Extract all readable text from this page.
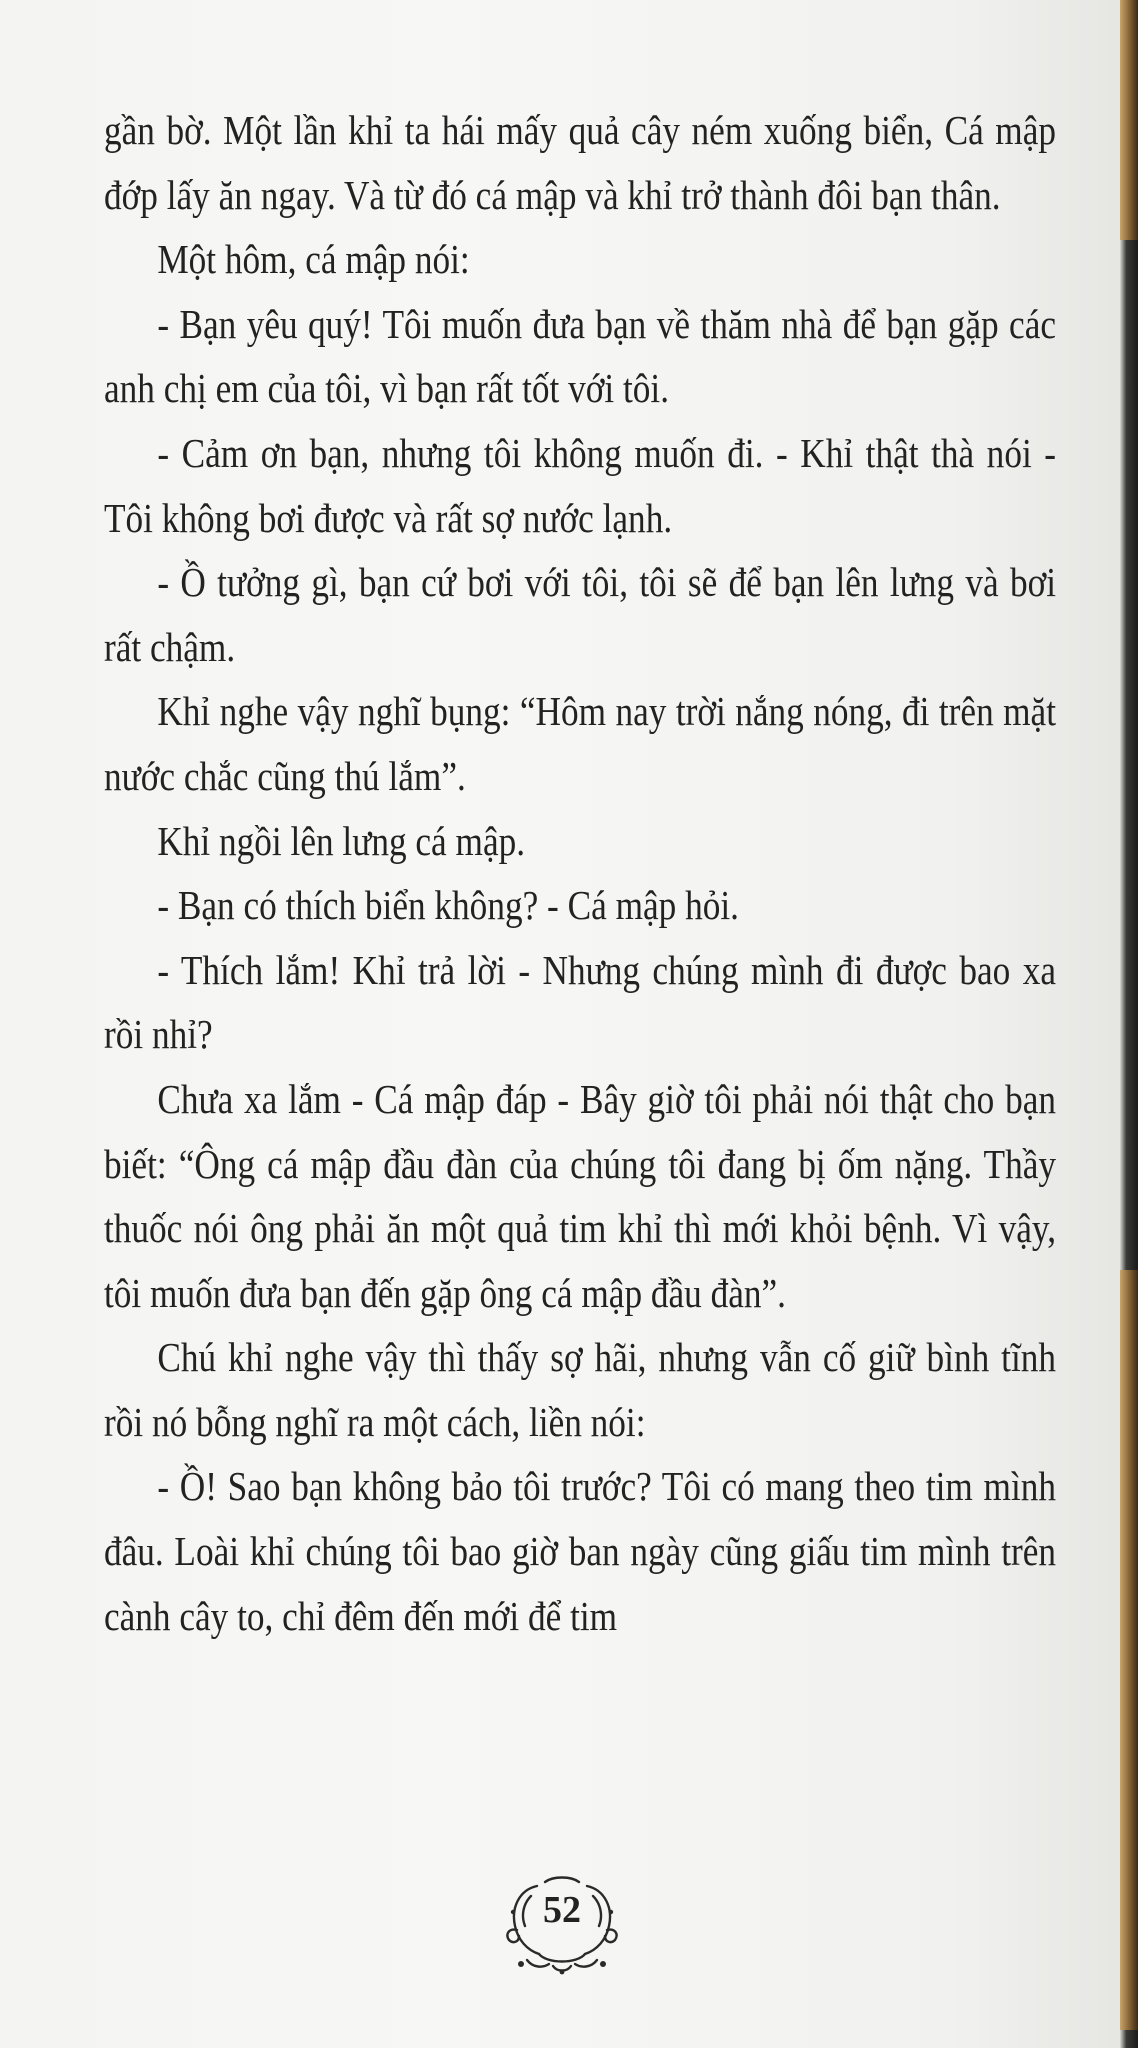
gần bờ. Một lần khỉ ta hái mấy quả cây ném xuống biển, Cá mập đớp lấy ăn ngay. Và từ đó cá mập và khỉ trở thành đôi bạn thân.

Một hôm, cá mập nói:

- Bạn yêu quý! Tôi muốn đưa bạn về thăm nhà để bạn gặp các anh chị em của tôi, vì bạn rất tốt với tôi.

- Cảm ơn bạn, nhưng tôi không muốn đi. - Khỉ thật thà nói - Tôi không bơi được và rất sợ nước lạnh.

- Ồ tưởng gì, bạn cứ bơi với tôi, tôi sẽ để bạn lên lưng và bơi rất chậm.

Khỉ nghe vậy nghĩ bụng: “Hôm nay trời nắng nóng, đi trên mặt nước chắc cũng thú lắm”.

Khỉ ngồi lên lưng cá mập.

- Bạn có thích biển không? - Cá mập hỏi.

- Thích lắm! Khỉ trả lời - Nhưng chúng mình đi được bao xa rồi nhỉ?

Chưa xa lắm - Cá mập đáp - Bây giờ tôi phải nói thật cho bạn biết: “Ông cá mập đầu đàn của chúng tôi đang bị ốm nặng. Thầy thuốc nói ông phải ăn một quả tim khỉ thì mới khỏi bệnh. Vì vậy, tôi muốn đưa bạn đến gặp ông cá mập đầu đàn”.

Chú khỉ nghe vậy thì thấy sợ hãi, nhưng vẫn cố giữ bình tĩnh rồi nó bỗng nghĩ ra một cách, liền nói:

- Ồ! Sao bạn không bảo tôi trước? Tôi có mang theo tim mình đâu. Loài khỉ chúng tôi bao giờ ban ngày cũng giấu tim mình trên cành cây to, chỉ đêm đến mới để tim

52
